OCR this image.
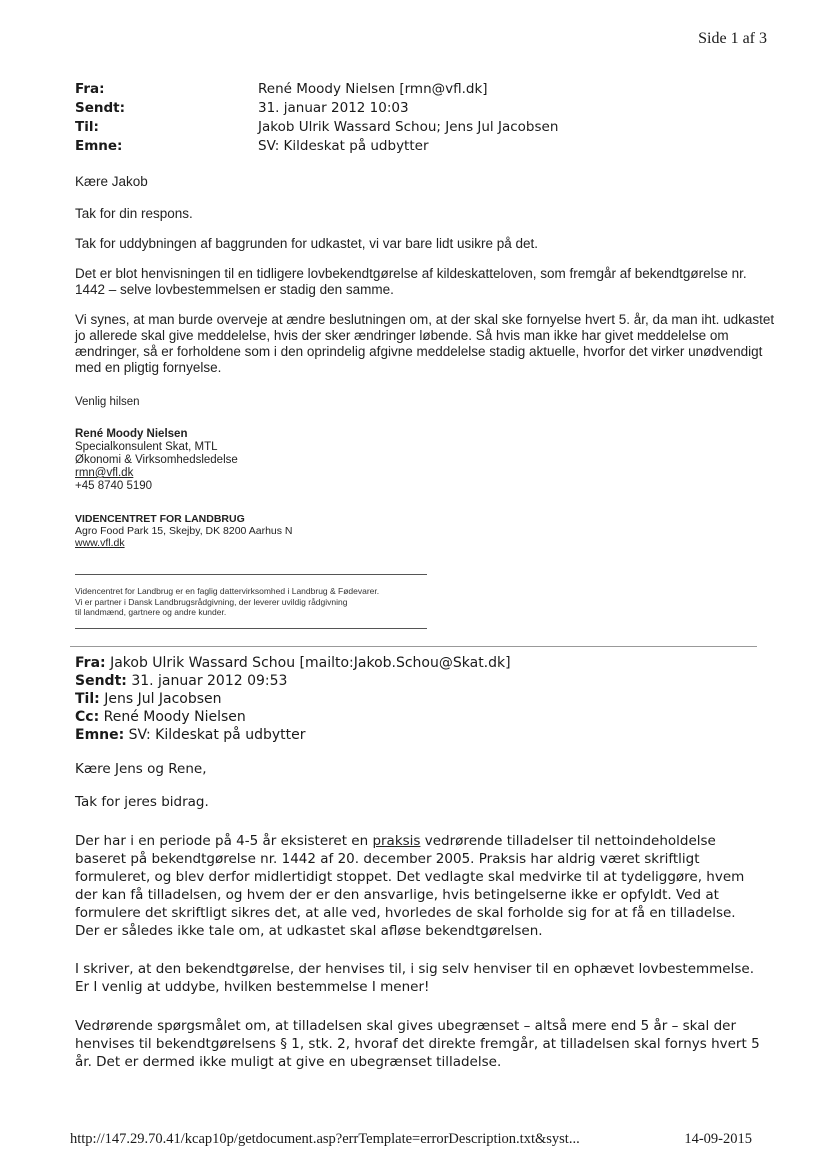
Side 1 af 3
Fra:	René Moody Nielsen [rmn@vfl.dk]
Sendt:	31. januar 2012 10:03
Til:	Jakob Ulrik Wassard Schou; Jens Jul Jacobsen
Emne:	SV: Kildeskat på udbytter
Kære Jakob
Tak for din respons.
Tak for uddybningen af baggrunden for udkastet, vi var bare lidt usikre på det.
Det er blot henvisningen til en tidligere lovbekendtgørelse af kildeskatteloven, som fremgår af bekendtgørelse nr. 1442 – selve lovbestemmelsen er stadig den samme.
Vi synes, at man burde overveje at ændre beslutningen om, at der skal ske fornyelse hvert 5. år, da man iht. udkastet jo allerede skal give meddelelse, hvis der sker ændringer løbende. Så hvis man ikke har givet meddelelse om ændringer, så er forholdene som i den oprindelig afgivne meddelelse stadig aktuelle, hvorfor det virker unødvendigt med en pligtig fornyelse.
Venlig hilsen
René Moody Nielsen
Specialkonsulent Skat, MTL
Økonomi & Virksomhedsledelse
rmn@vfl.dk
+45 8740 5190
VIDENCENTRET FOR LANDBRUG
Agro Food Park 15, Skejby, DK 8200 Aarhus N
www.vfl.dk
Videncentret for Landbrug er en faglig dattervirksomhed i Landbrug & Fødevarer.
Vi er partner i Dansk Landbrugsrådgivning, der leverer uvildig rådgivning
til landmænd, gartnere og andre kunder.
Fra: Jakob Ulrik Wassard Schou [mailto:Jakob.Schou@Skat.dk]
Sendt: 31. januar 2012 09:53
Til: Jens Jul Jacobsen
Cc: René Moody Nielsen
Emne: SV: Kildeskat på udbytter
Kære Jens og Rene,
Tak for jeres bidrag.
Der har i en periode på 4-5 år eksisteret en praksis vedrørende tilladelser til nettoindeholdelse baseret på bekendtgørelse nr. 1442 af 20. december 2005. Praksis har aldrig været skriftligt formuleret, og blev derfor midlertidigt stoppet. Det vedlagte skal medvirke til at tydeliggøre, hvem der kan få tilladelsen, og hvem der er den ansvarlige, hvis betingelserne ikke er opfyldt. Ved at formulere det skriftligt sikres det, at alle ved, hvorledes de skal forholde sig for at få en tilladelse. Der er således ikke tale om, at udkastet skal afløse bekendtgørelsen.
I skriver, at den bekendtgørelse, der henvises til, i sig selv henviser til en ophævet lovbestemmelse. Er I venlig at uddybe, hvilken bestemmelse I mener!
Vedrørende spørgsmålet om, at tilladelsen skal gives ubegrænset – altså mere end 5 år – skal der henvises til bekendtgørelsens § 1, stk. 2, hvoraf det direkte fremgår, at tilladelsen skal fornys hvert 5 år. Det er dermed ikke muligt at give en ubegrænset tilladelse.
http://147.29.70.41/kcap10p/getdocument.asp?errTemplate=errorDescription.txt&syst...	14-09-2015
